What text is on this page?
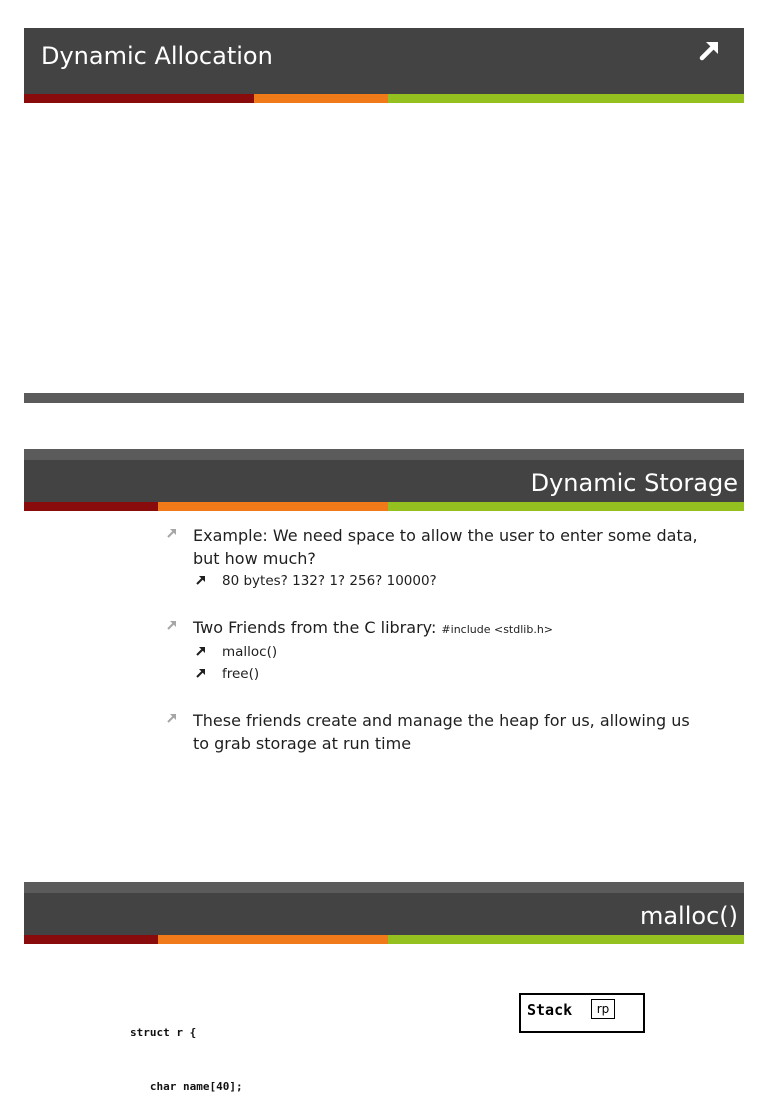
Dynamic Allocation
Dynamic Storage
Example: We need space to allow the user to enter some data,
but how much?
80 bytes? 132? 1? 256? 10000?
Two Friends from the C library: #include <stdlib.h>
malloc()
free()
These friends create and manage the heap for us, allowing us
to grab storage at run time
malloc()

struct r {

char name[40];

Stack	rp
